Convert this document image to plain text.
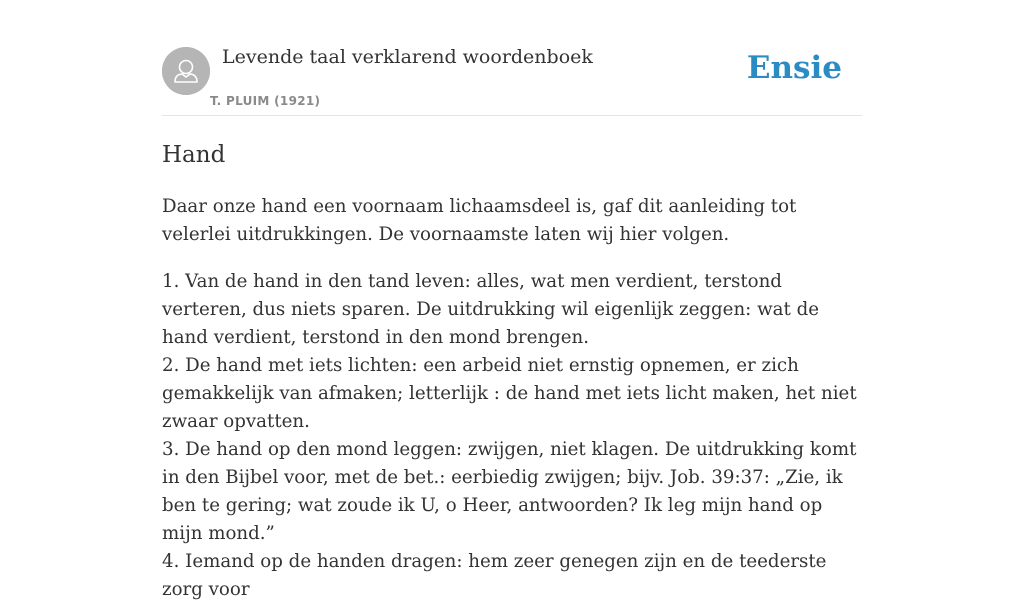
Levende taal verklarend woordenboek
T. PLUIM (1921)
Ensie
Hand

Daar onze hand een voornaam lichaamsdeel is, gaf dit aanleiding tot velerlei uitdrukkingen. De voornaamste laten wij hier volgen.

1. Van de hand in den tand leven: alles, wat men verdient, terstond verteren, dus niets sparen. De uitdrukking wil eigenlijk zeggen: wat de hand verdient, terstond in den mond brengen.

2. De hand met iets lichten: een arbeid niet ernstig opnemen, er zich gemakkelijk van afmaken; letterlijk : de hand met iets licht maken, het niet zwaar opvatten.

3. De hand op den mond leggen: zwijgen, niet klagen. De uitdrukking komt in den Bijbel voor, met de bet.: eerbiedig zwijgen; bijv. Job. 39:37: „Zie, ik ben te gering; wat zoude ik U, o Heer, antwoorden? Ik leg mijn hand op mijn mond.”

4. Iemand op de handen dragen: hem zeer genegen zijn en de teederste zorg voor
